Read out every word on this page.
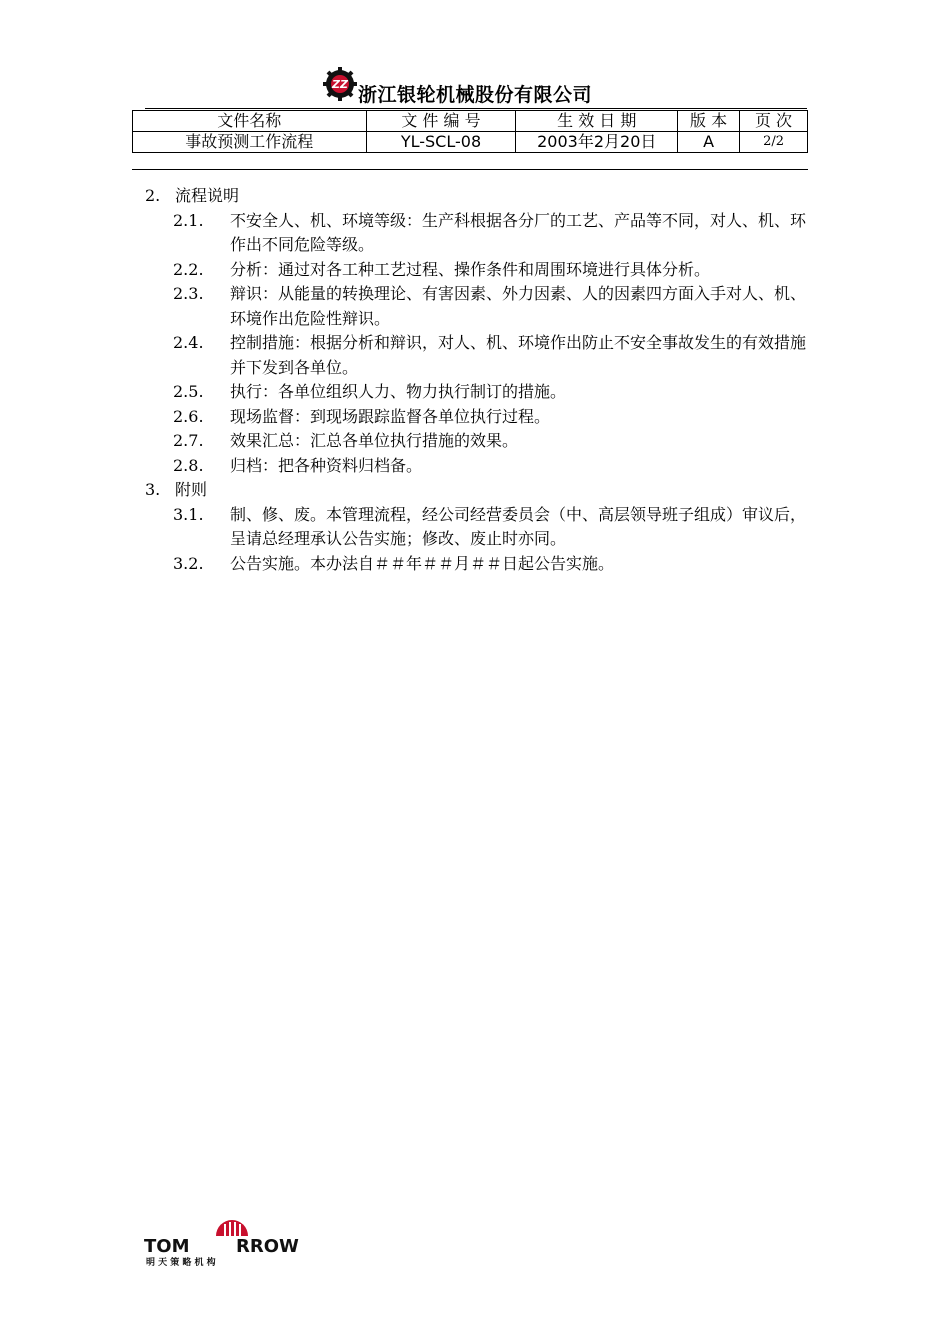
ZZ 浙江银轮机械股份有限公司
文件名称	文 件 编 号	生 效 日 期	版 本	页 次
事故预测工作流程	YL-SCL-08	2003年2月20日	A	2/2

2. 流程说明

2.1. 不安全人、机、环境等级：生产科根据各分厂的工艺、产品等不同，对人、机、环作出不同危险等级。

2.2. 分析：通过对各工种工艺过程、操作条件和周围环境进行具体分析。

2.3. 辩识：从能量的转换理论、有害因素、外力因素、人的因素四方面入手对人、机、环境作出危险性辩识。

2.4. 控制措施：根据分析和辩识，对人、机、环境作出防止不安全事故发生的有效措施并下发到各单位。

2.5. 执行：各单位组织人力、物力执行制订的措施。

2.6. 现场监督：到现场跟踪监督各单位执行过程。

2.7. 效果汇总：汇总各单位执行措施的效果。

2.8. 归档：把各种资料归档备。

3. 附则

3.1. 制、修、废。本管理流程，经公司经营委员会（中、高层领导班子组成）审议后，呈请总经理承认公告实施；修改、废止时亦同。

3.2. 公告实施。本办法自＃＃年＃＃月＃＃日起公告实施。

TOM	RROW
明 天 策 略 机 构
